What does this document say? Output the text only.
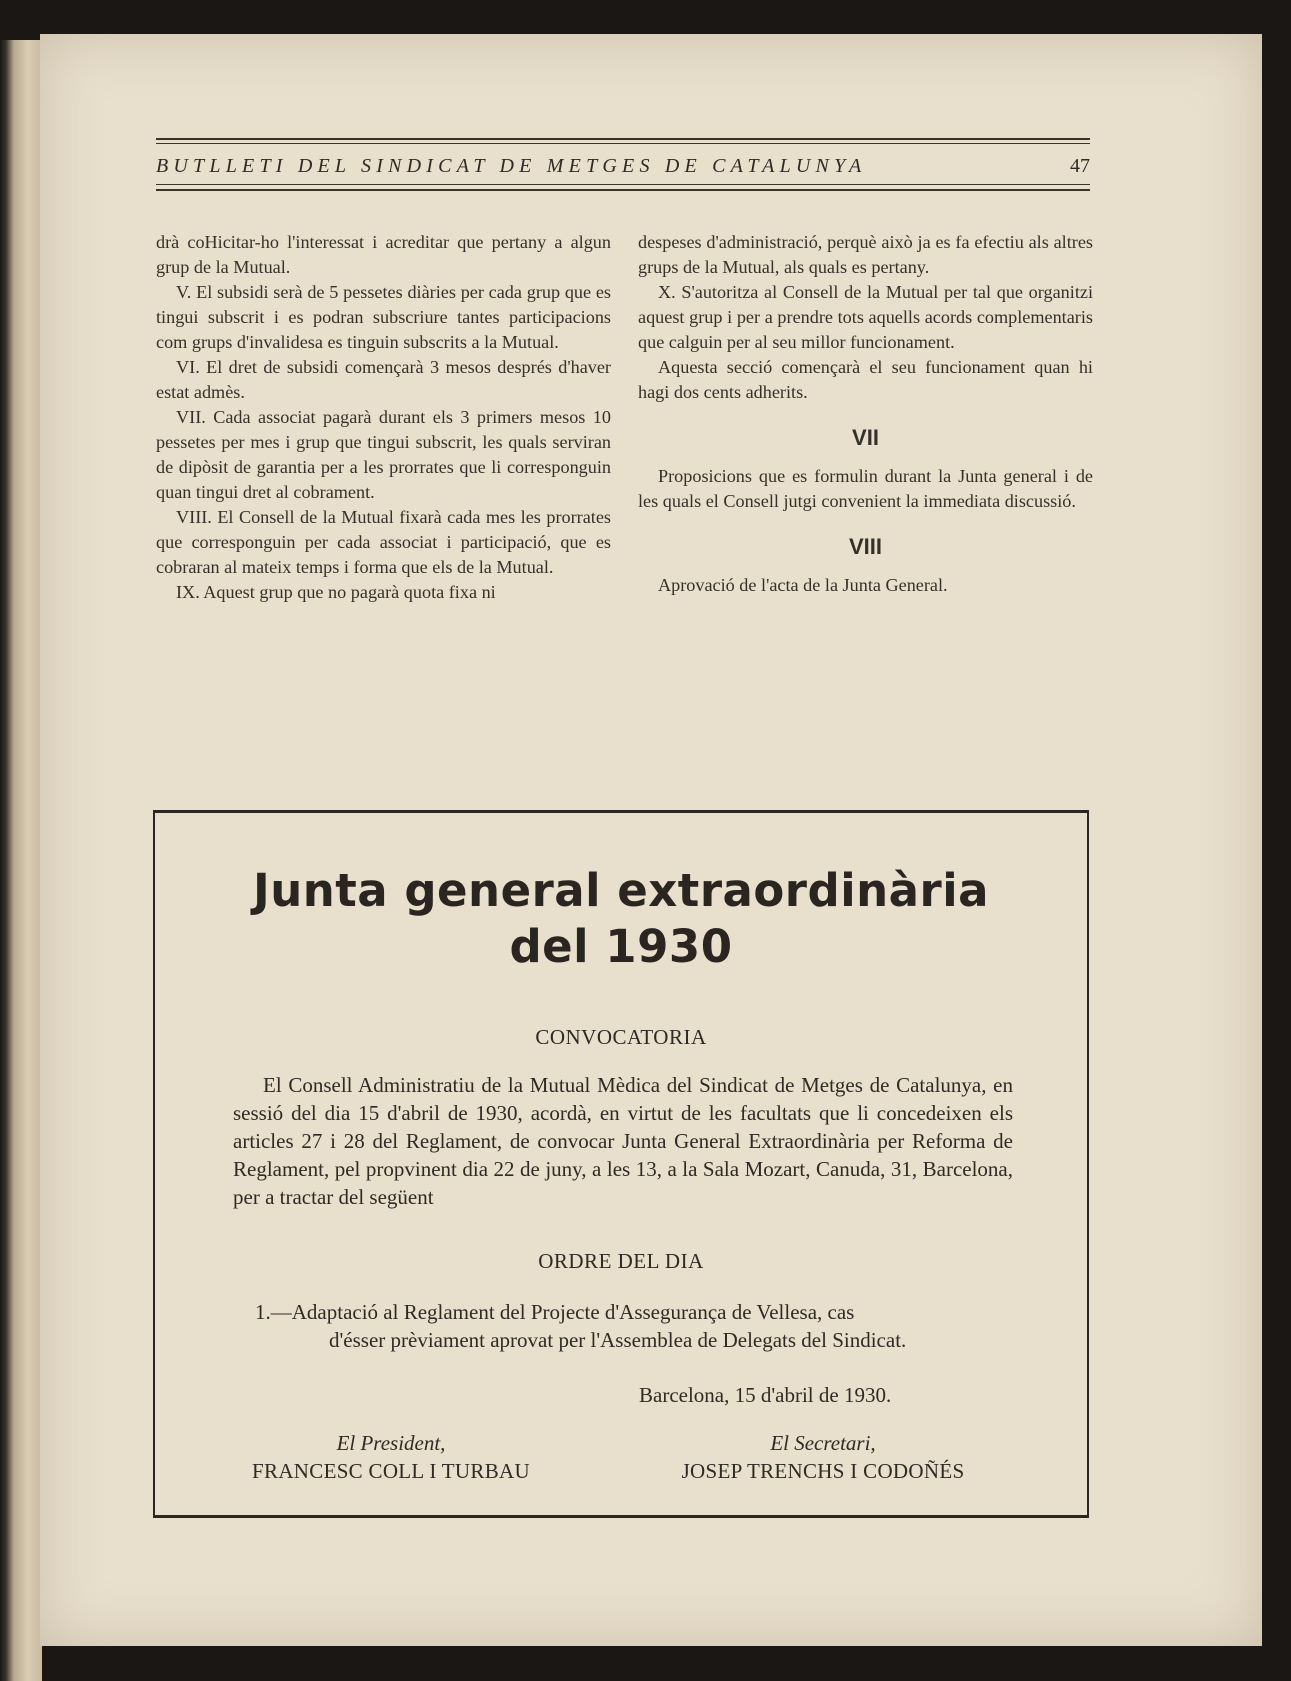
BUTLLETI DEL SINDICAT DE METGES DE CATALUNYA	47

drà coHicitar-ho l'interessat i acreditar que pertany a algun grup de la Mutual.

V. El subsidi serà de 5 pessetes diàries per cada grup que es tingui subscrit i es podran subscriure tantes participacions com grups d'invalidesa es tinguin subscrits a la Mutual.

VI. El dret de subsidi començarà 3 mesos després d'haver estat admès.

VII. Cada associat pagarà durant els 3 primers mesos 10 pessetes per mes i grup que tingui subscrit, les quals serviran de dipòsit de garantia per a les prorrates que li corresponguin quan tingui dret al cobrament.

VIII. El Consell de la Mutual fixarà cada mes les prorrates que corresponguin per cada associat i participació, que es cobraran al mateix temps i forma que els de la Mutual.

IX. Aquest grup que no pagarà quota fixa ni

despeses d'administració, perquè això ja es fa efectiu als altres grups de la Mutual, als quals es pertany.

X. S'autoritza al Consell de la Mutual per tal que organitzi aquest grup i per a prendre tots aquells acords complementaris que calguin per al seu millor funcionament.

Aquesta secció començarà el seu funcionament quan hi hagi dos cents adherits.

VII

Proposicions que es formulin durant la Junta general i de les quals el Consell jutgi convenient la immediata discussió.

VIII

Aprovació de l'acta de la Junta General.

Junta general extraordinària
del 1930
CONVOCATORIA

El Consell Administratiu de la Mutual Mèdica del Sindicat de Metges de Catalunya, en sessió del dia 15 d'abril de 1930, acordà, en virtut de les facultats que li concedeixen els articles 27 i 28 del Reglament, de convocar Junta General Extraordinària per Reforma de Reglament, pel propvinent dia 22 de juny, a les 13, a la Sala Mozart, Canuda, 31, Barcelona, per a tractar del següent

ORDRE DEL DIA
1.—Adaptació al Reglament del Projecte d'Assegurança de Vellesa, cas
d'ésser prèviament aprovat per l'Assemblea de Delegats del Sindicat.
Barcelona, 15 d'abril de 1930.
El President,
FRANCESC COLL I TURBAU
El Secretari,
JOSEP TRENCHS I CODOÑÉS
